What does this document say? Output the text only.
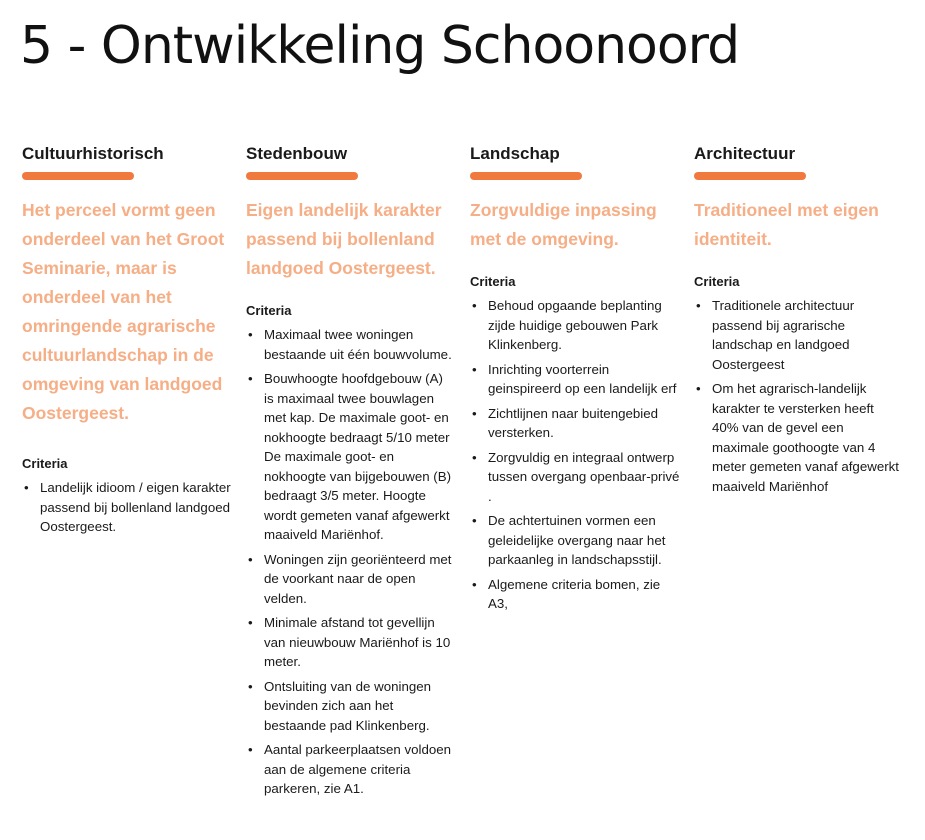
5 - Ontwikkeling Schoonoord
Cultuurhistorisch

Het perceel vormt geen onderdeel van het Groot Seminarie, maar is onderdeel van het omringende agrarische cultuurlandschap in de omgeving van landgoed Oostergeest.

Criteria

• Landelijk idioom / eigen karakter passend bij bollenland landgoed Oostergeest.
Stedenbouw

Eigen landelijk karakter passend bij bollenland landgoed Oostergeest.

Criteria

• Maximaal twee woningen bestaande uit één bouwvolume.
• Bouwhoogte hoofdgebouw (A) is maximaal twee bouwlagen met kap. De maximale goot- en nokhoogte bedraagt 5/10 meter De maximale goot- en nokhoogte van bijgebouwen (B) bedraagt 3/5 meter. Hoogte wordt gemeten vanaf afgewerkt maaiveld Mariënhof.
• Woningen zijn georiënteerd met de voorkant naar de open velden.
• Minimale afstand tot gevellijn van nieuwbouw Mariënhof is 10 meter.
• Ontsluiting van de woningen bevinden zich aan het bestaande pad Klinkenberg.
• Aantal parkeerplaatsen voldoen aan de algemene criteria parkeren, zie A1.
Landschap

Zorgvuldige inpassing met de omgeving.

Criteria

• Behoud opgaande beplanting zijde huidige gebouwen Park Klinkenberg.
• Inrichting voorterrein geinspireerd op een landelijk erf
• Zichtlijnen naar buitengebied versterken.
• Zorgvuldig en integraal ontwerp tussen overgang openbaar-privé .
• De achtertuinen vormen een geleidelijke overgang naar het parkaanleg in landschapsstijl.
• Algemene criteria bomen, zie A3,
Architectuur

Traditioneel met eigen identiteit.

Criteria

• Traditionele architectuur passend bij agrarische landschap en landgoed Oostergeest
• Om het agrarisch-landelijk karakter te versterken heeft 40% van de gevel een maximale goothoogte van 4 meter gemeten vanaf afgewerkt maaiveld Mariënhof
